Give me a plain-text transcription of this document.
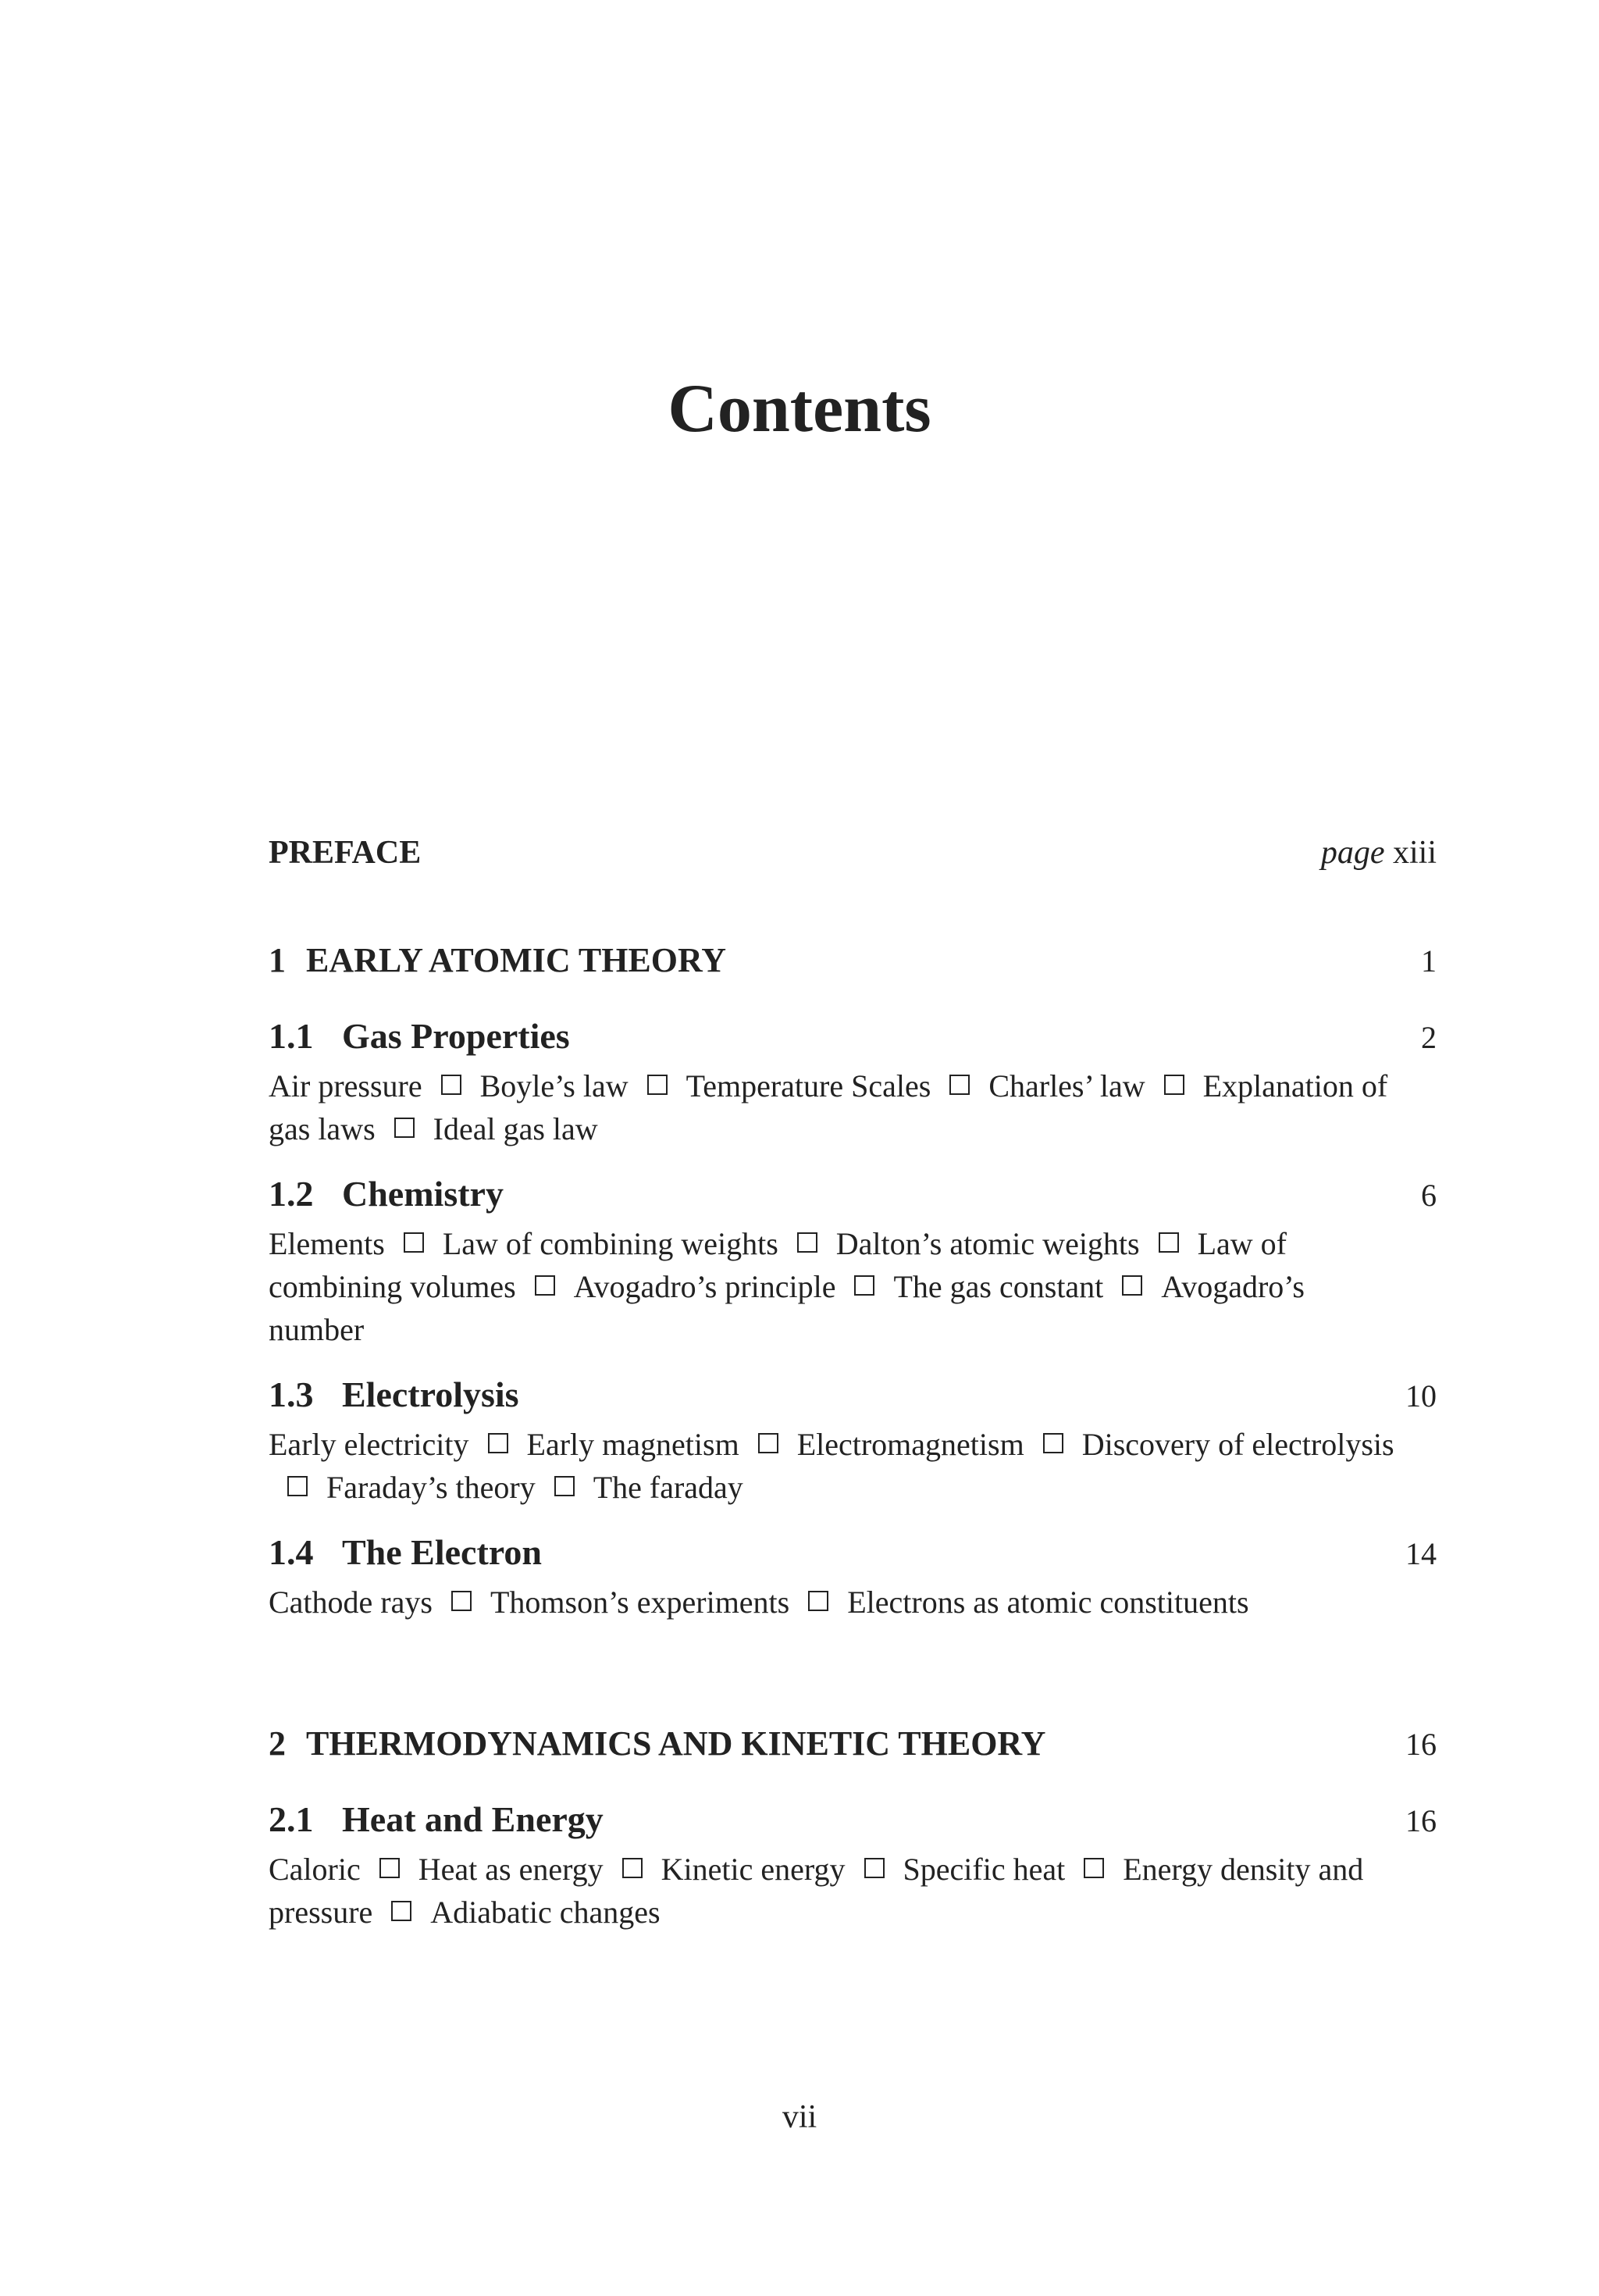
Contents
PREFACE	page xiii
1 EARLY ATOMIC THEORY	1
1.1 Gas Properties	2
Air pressure Boyle’s law Temperature Scales Charles’ law Explanation of gas laws Ideal gas law
1.2 Chemistry	6
Elements Law of combining weights Dalton’s atomic weights Law of combining volumes Avogadro’s principle The gas constant Avogadro’s number
1.3 Electrolysis	10
Early electricity Early magnetism Electromagnetism Discovery of electrolysisFaraday’s theory The faraday
1.4 The Electron	14
Cathode rays Thomson’s experiments Electrons as atomic constituents
2 THERMODYNAMICS AND KINETIC THEORY	16
2.1 Heat and Energy	16
Caloric Heat as energy Kinetic energy Specific heat Energy density and pressure Adiabatic changes
vii
